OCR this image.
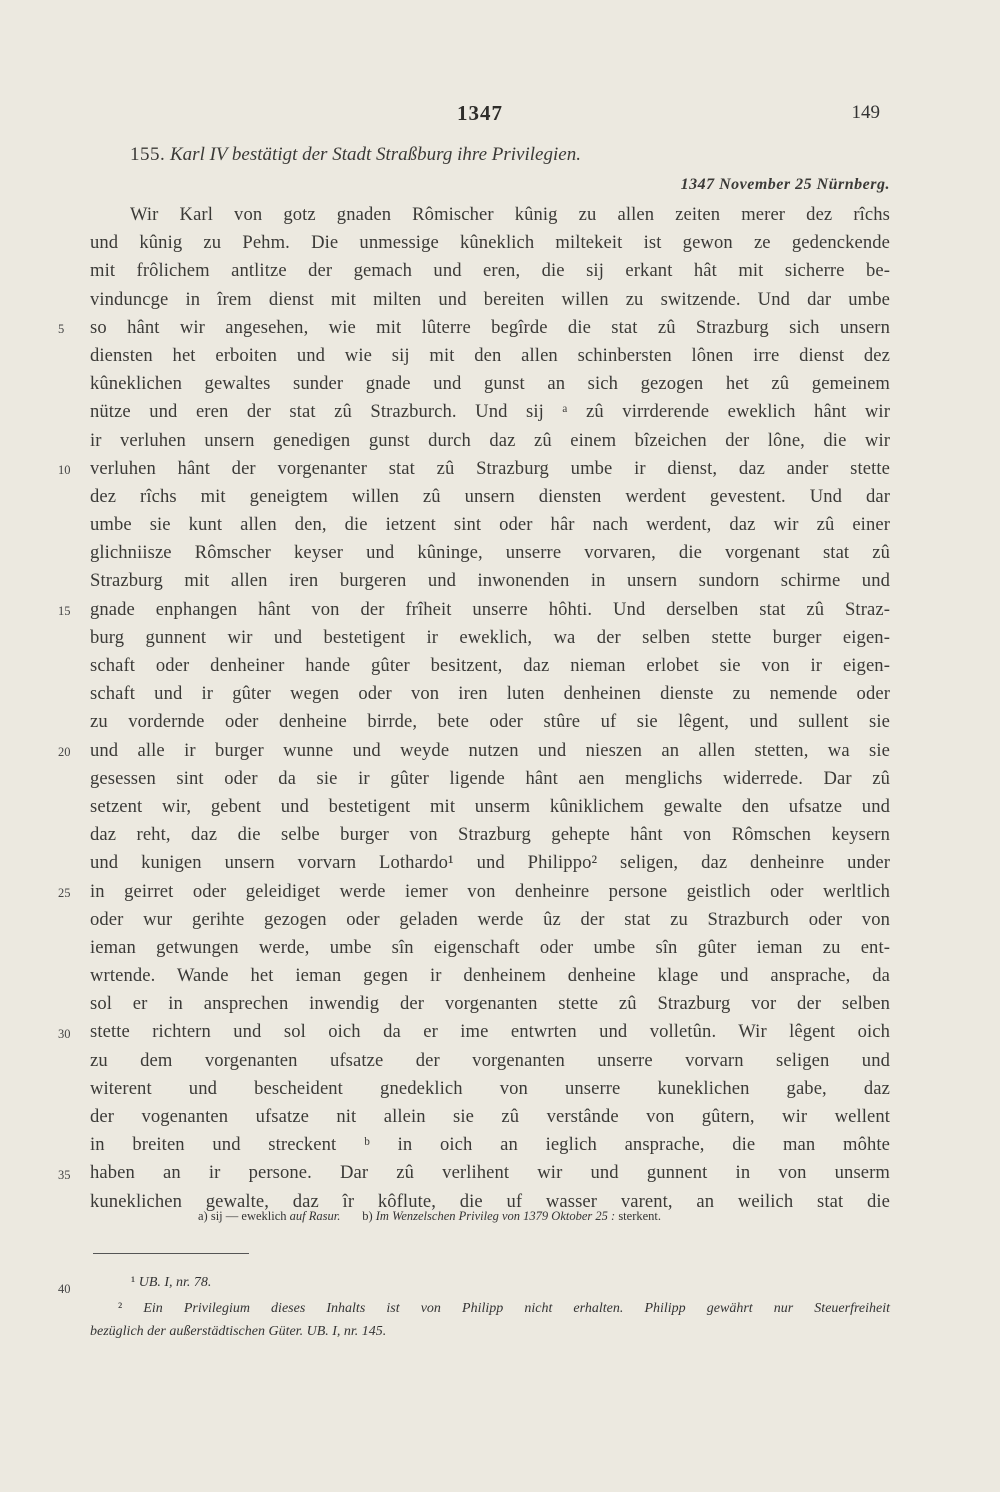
1347	149
155. Karl IV bestätigt der Stadt Straßburg ihre Privilegien.
1347 November 25 Nürnberg.
Wir Karl von gotz gnaden Rômischer kûnig zu allen zeiten merer dez rîchs
und kûnig zu Pehm. Die unmessige kûneklich miltekeit ist gewon ze gedenckende
mit frôlichem antlitze der gemach und eren, die sij erkant hât mit sicherre be-
vinduncge in îrem dienst mit milten und bereiten willen zu switzende. Und dar umbe
so hânt wir angesehen, wie mit lûterre begîrde die stat zû Strazburg sich unsern
diensten het erboiten und wie sij mit den allen schinbersten lônen irre dienst dez
kûneklichen gewaltes sunder gnade und gunst an sich gezogen het zû gemeinem
nütze und eren der stat zû Strazburch. Und sij ᵃ zû virrderende eweklich hânt wir
ir verluhen unsern genedigen gunst durch daz zû einem bîzeichen der lône, die wir
verluhen hânt der vorgenanter stat zû Strazburg umbe ir dienst, daz ander stette
dez rîchs mit geneigtem willen zû unsern diensten werdent gevestent. Und dar
umbe sie kunt allen den, die ietzent sint oder hâr nach werdent, daz wir zû einer
glichniisze Rômscher keyser und kûninge, unserre vorvaren, die vorgenant stat zû
Strazburg mit allen iren burgeren und inwonenden in unsern sundorn schirme und
gnade enphangen hânt von der frîheit unserre hôhti. Und derselben stat zû Straz-
burg gunnent wir und bestetigent ir eweklich, wa der selben stette burger eigen-
schaft oder denheiner hande gûter besitzent, daz nieman erlobet sie von ir eigen-
schaft und ir gûter wegen oder von iren luten denheinen dienste zu nemende oder
zu vordernde oder denheine birrde, bete oder stûre uf sie lêgent, und sullent sie
und alle ir burger wunne und weyde nutzen und nieszen an allen stetten, wa sie
gesessen sint oder da sie ir gûter ligende hânt aen menglichs widerrede. Dar zû
setzent wir, gebent und bestetigent mit unserm kûniklichem gewalte den ufsatze und
daz reht, daz die selbe burger von Strazburg gehepte hânt von Rômschen keysern
und kunigen unsern vorvarn Lothardo¹ und Philippo² seligen, daz denheinre under
in geirret oder geleidiget werde iemer von denheinre persone geistlich oder werltlich
oder wur gerihte gezogen oder geladen werde ûz der stat zu Strazburch oder von
ieman getwungen werde, umbe sîn eigenschaft oder umbe sîn gûter ieman zu ent-
wrtende. Wande het ieman gegen ir denheinem denheine klage und ansprache, da
sol er in ansprechen inwendig der vorgenanten stette zû Strazburg vor der selben
stette richtern und sol oich da er ime entwrten und volletûn. Wir lêgent oich
zu dem vorgenanten ufsatze der vorgenanten unserre vorvarn seligen und
witerent und bescheident gnedeklich von unserre kuneklichen gabe, daz
der vogenanten ufsatze nit allein sie zû verstânde von gûtern, wir wellent
in breiten und streckent ᵇ in oich an ieglich ansprache, die man môhte
haben an ir persone. Dar zû verlihent wir und gunnent in von unserm
kuneklichen gewalte, daz îr kôflute, die uf wasser varent, an weilich stat die
5
10
15
20
25
30
35
a) sij — eweklich auf Rasur. b) Im Wenzelschen Privileg von 1379 Oktober 25 : sterkent.
40	¹ UB. I, nr. 78.
² Ein Privilegium dieses Inhalts ist von Philipp nicht erhalten. Philipp gewährt nur Steuerfreiheit
bezüglich der außerstädtischen Güter. UB. I, nr. 145.
